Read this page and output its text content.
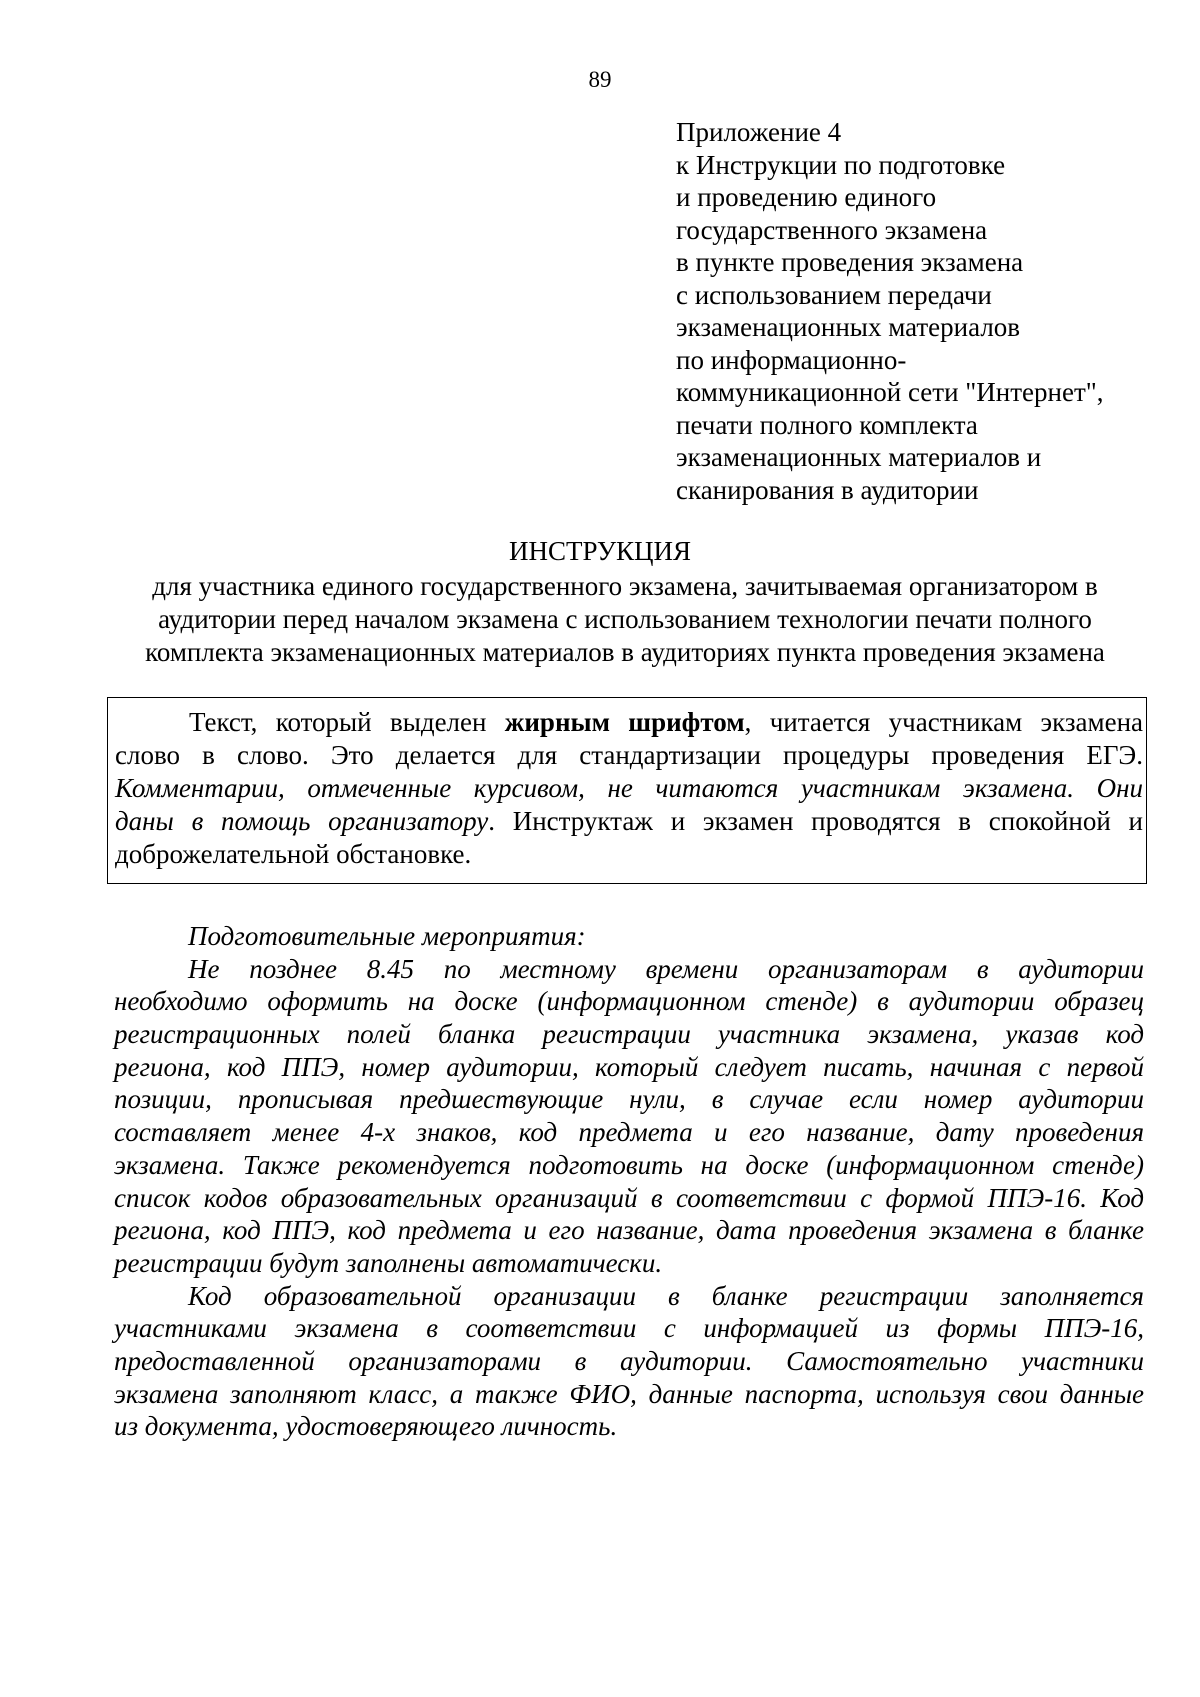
89
Приложение 4
к Инструкции по подготовке
и проведению единого
государственного экзамена
в пункте проведения экзамена
с использованием передачи
экзаменационных материалов
по информационно-
коммуникационной сети "Интернет",
печати полного комплекта
экзаменационных материалов и
сканирования в аудитории
ИНСТРУКЦИЯ
для участника единого государственного экзамена, зачитываемая организатором в
аудитории перед началом экзамена с использованием технологии печати полного
комплекта экзаменационных материалов в аудиториях пункта проведения экзамена
Текст, который выделен жирным шрифтом, читается участникам экзамена
слово в слово. Это делается для стандартизации процедуры проведения ЕГЭ.
Комментарии, отмеченные курсивом, не читаются участникам экзамена. Они
даны в помощь организатору. Инструктаж и экзамен проводятся в спокойной и
доброжелательной обстановке.
Подготовительные мероприятия:
Не позднее 8.45 по местному времени организаторам в аудитории
необходимо оформить на доске (информационном стенде) в аудитории образец
регистрационных полей бланка регистрации участника экзамена, указав код
региона, код ППЭ, номер аудитории, который следует писать, начиная с первой
позиции, прописывая предшествующие нули, в случае если номер аудитории
составляет менее 4-х знаков, код предмета и его название, дату проведения
экзамена. Также рекомендуется подготовить на доске (информационном стенде)
список кодов образовательных организаций в соответствии с формой ППЭ-16. Код
региона, код ППЭ, код предмета и его название, дата проведения экзамена в бланке
регистрации будут заполнены автоматически.
Код образовательной организации в бланке регистрации заполняется
участниками экзамена в соответствии с информацией из формы ППЭ-16,
предоставленной организаторами в аудитории. Самостоятельно участники
экзамена заполняют класс, а также ФИО, данные паспорта, используя свои данные
из документа, удостоверяющего личность.
